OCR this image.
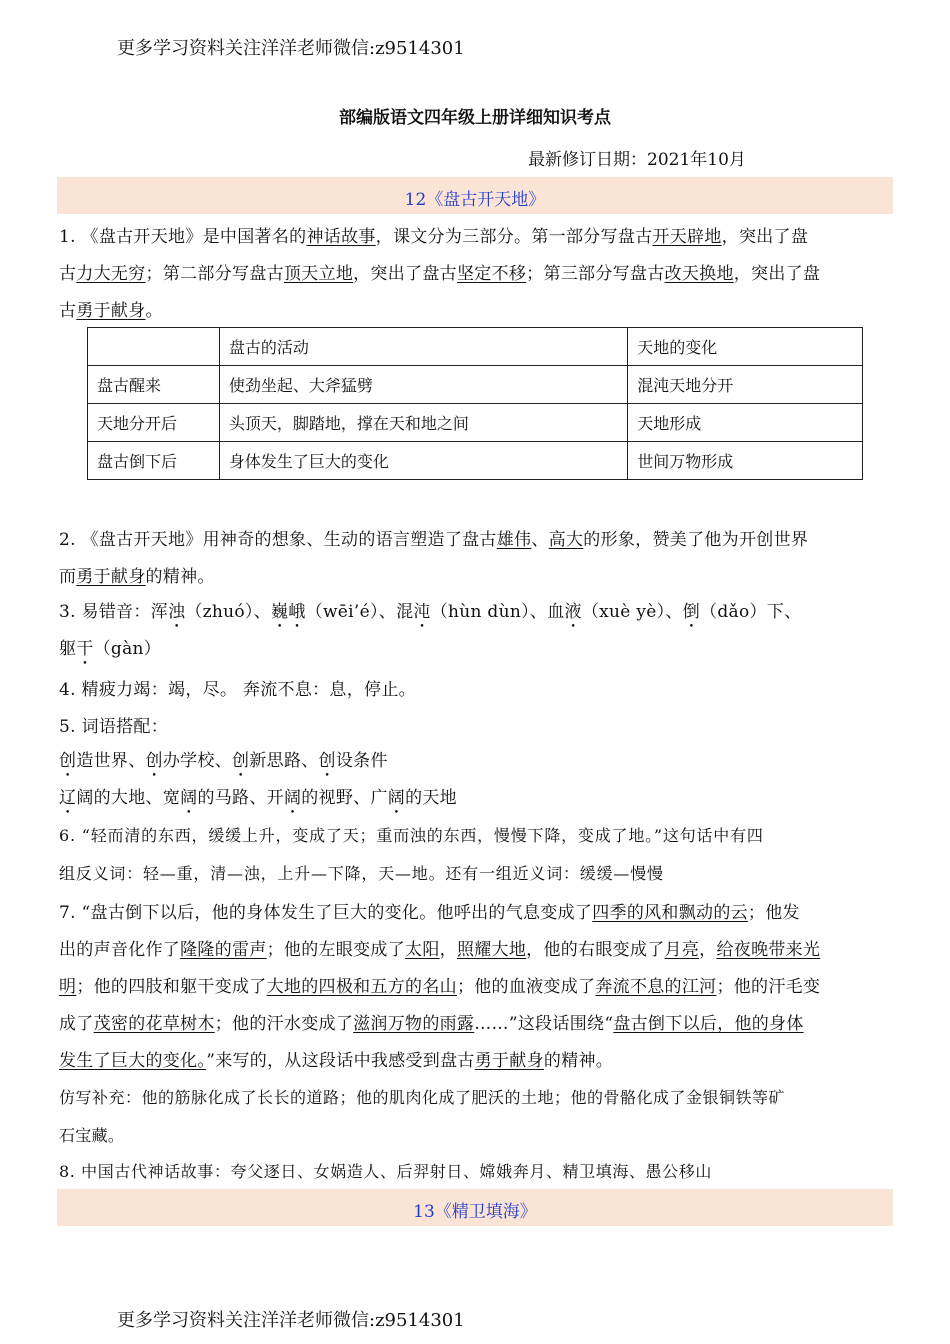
更多学习资料关注洋洋老师微信:z9514301
部编版语文四年级上册详细知识考点
最新修订日期：2021年10月
12《盘古开天地》
1. 《盘古开天地》是中国著名的神话故事，课文分为三部分。第一部分写盘古开天辟地，突出了盘
古力大无穷；第二部分写盘古顶天立地，突出了盘古坚定不移；第三部分写盘古改天换地，突出了盘
古勇于献身。
	盘古的活动	天地的变化
盘古醒来	使劲坐起、大斧猛劈	混沌天地分开
天地分开后	头顶天，脚踏地，撑在天和地之间	天地形成
盘古倒下后	身体发生了巨大的变化	世间万物形成
2. 《盘古开天地》用神奇的想象、生动的语言塑造了盘古雄伟、高大的形象，赞美了他为开创世界
而勇于献身的精神。
3. 易错音：浑浊（zhuó）、巍峨（wēi’é）、混沌（hùn dùn）、血液（xuè yè）、倒（dǎo）下、
躯干（gàn）
4. 精疲力竭：竭，尽。 奔流不息：息，停止。
5. 词语搭配：
创造世界、创办学校、创新思路、创设条件
辽阔的大地、宽阔的马路、开阔的视野、广阔的天地
6. “轻而清的东西，缓缓上升，变成了天；重而浊的东西，慢慢下降，变成了地。”这句话中有四
组反义词：轻—重，清—浊，上升—下降，天—地。还有一组近义词：缓缓—慢慢
7. “盘古倒下以后，他的身体发生了巨大的变化。他呼出的气息变成了四季的风和飘动的云；他发
出的声音化作了隆隆的雷声；他的左眼变成了太阳，照耀大地，他的右眼变成了月亮，给夜晚带来光
明；他的四肢和躯干变成了大地的四极和五方的名山；他的血液变成了奔流不息的江河；他的汗毛变
成了茂密的花草树木；他的汗水变成了滋润万物的雨露……”这段话围绕“盘古倒下以后，他的身体
发生了巨大的变化。”来写的，从这段话中我感受到盘古勇于献身的精神。
仿写补充：他的筋脉化成了长长的道路；他的肌肉化成了肥沃的土地；他的骨骼化成了金银铜铁等矿
石宝藏。
8. 中国古代神话故事：夸父逐日、女娲造人、后羿射日、嫦娥奔月、精卫填海、愚公移山
13《精卫填海》
更多学习资料关注洋洋老师微信:z9514301
